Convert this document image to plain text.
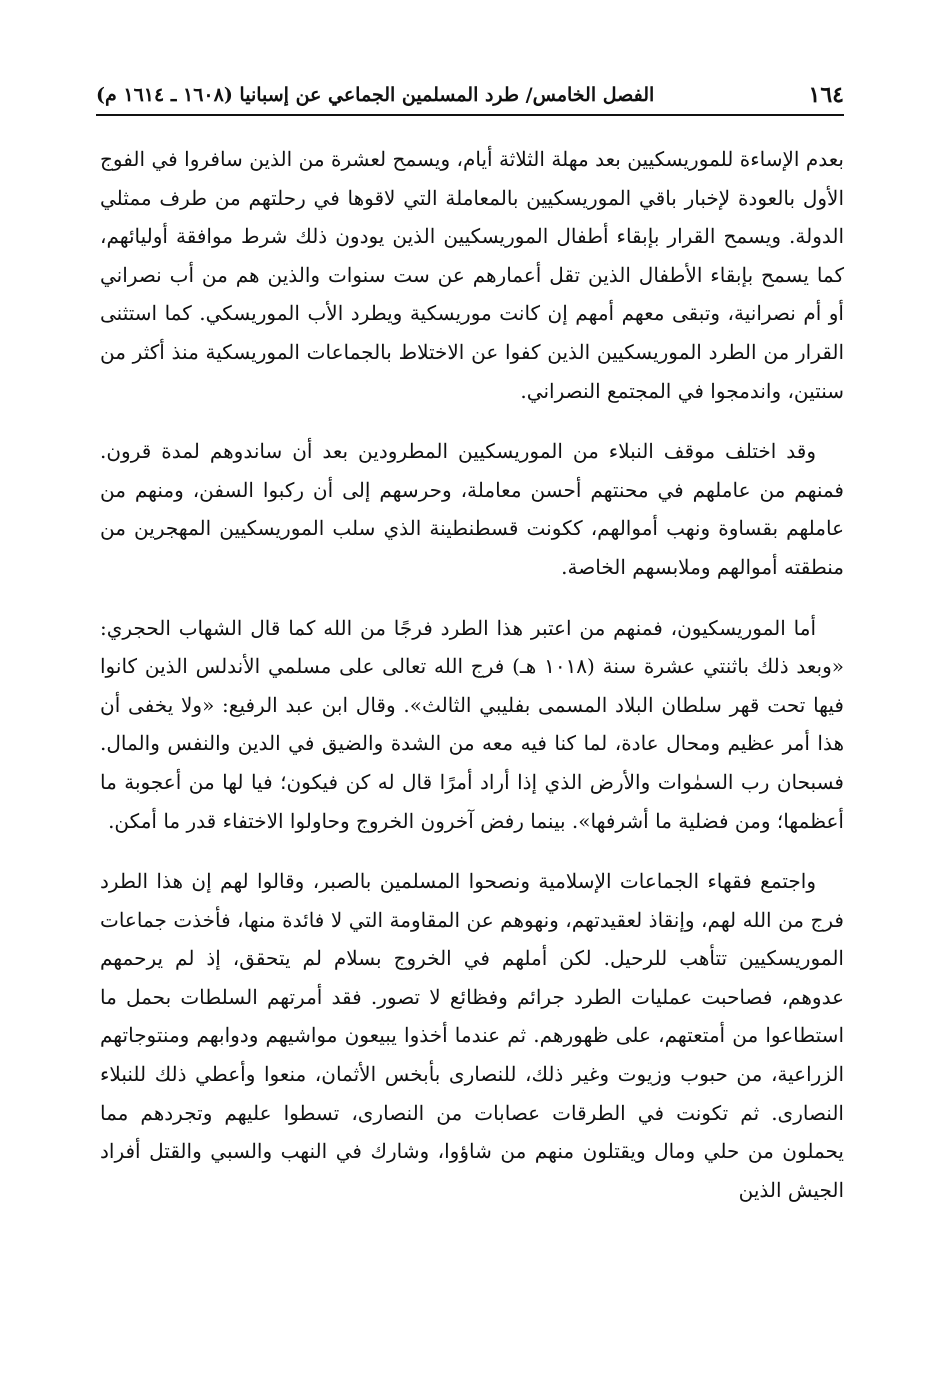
١٦٤
الفصل الخامس/ طرد المسلمين الجماعي عن إسبانيا (١٦٠٨ ـ ١٦١٤ م)

بعدم الإساءة للموريسكيين بعد مهلة الثلاثة أيام، ويسمح لعشرة من الذين سافروا في الفوج الأول بالعودة لإخبار باقي الموريسكيين بالمعاملة التي لاقوها في رحلتهم من طرف ممثلي الدولة. ويسمح القرار بإبقاء أطفال الموريسكيين الذين يودون ذلك شرط موافقة أوليائهم، كما يسمح بإبقاء الأطفال الذين تقل أعمارهم عن ست سنوات والذين هم من أب نصراني أو أم نصرانية، وتبقى معهم أمهم إن كانت موريسكية ويطرد الأب الموريسكي. كما استثنى القرار من الطرد الموريسكيين الذين كفوا عن الاختلاط بالجماعات الموريسكية منذ أكثر من سنتين، واندمجوا في المجتمع النصراني.

وقد اختلف موقف النبلاء من الموريسكيين المطرودين بعد أن ساندوهم لمدة قرون. فمنهم من عاملهم في محنتهم أحسن معاملة، وحرسهم إلى أن ركبوا السفن، ومنهم من عاملهم بقساوة ونهب أموالهم، ككونت قسطنطينة الذي سلب الموريسكيين المهجرين من منطقته أموالهم وملابسهم الخاصة.

أما الموريسكيون، فمنهم من اعتبر هذا الطرد فرجًا من الله كما قال الشهاب الحجري: «وبعد ذلك باثنتي عشرة سنة (١٠١٨ هـ) فرج الله تعالى على مسلمي الأندلس الذين كانوا فيها تحت قهر سلطان البلاد المسمى بفليبي الثالث». وقال ابن عبد الرفيع: «ولا يخفى أن هذا أمر عظيم ومحال عادة، لما كنا فيه معه من الشدة والضيق في الدين والنفس والمال. فسبحان رب السمٰوات والأرض الذي إذا أراد أمرًا قال له كن فيكون؛ فيا لها من أعجوبة ما أعظمها؛ ومن فضلية ما أشرفها». بينما رفض آخرون الخروج وحاولوا الاختفاء قدر ما أمكن.

واجتمع فقهاء الجماعات الإسلامية ونصحوا المسلمين بالصبر، وقالوا لهم إن هذا الطرد فرج من الله لهم، وإنقاذ لعقيدتهم، ونهوهم عن المقاومة التي لا فائدة منها، فأخذت جماعات الموريسكيين تتأهب للرحيل. لكن أملهم في الخروج بسلام لم يتحقق، إذ لم يرحمهم عدوهم، فصاحبت عمليات الطرد جرائم وفظائع لا تصور. فقد أمرتهم السلطات بحمل ما استطاعوا من أمتعتهم، على ظهورهم. ثم عندما أخذوا يبيعون مواشيهم ودوابهم ومنتوجاتهم الزراعية، من حبوب وزيوت وغير ذلك، للنصارى بأبخس الأثمان، منعوا وأعطي ذلك للنبلاء النصارى. ثم تكونت في الطرقات عصابات من النصارى، تسطوا عليهم وتجردهم مما يحملون من حلي ومال ويقتلون منهم من شاؤوا، وشارك في النهب والسبي والقتل أفراد الجيش الذين
